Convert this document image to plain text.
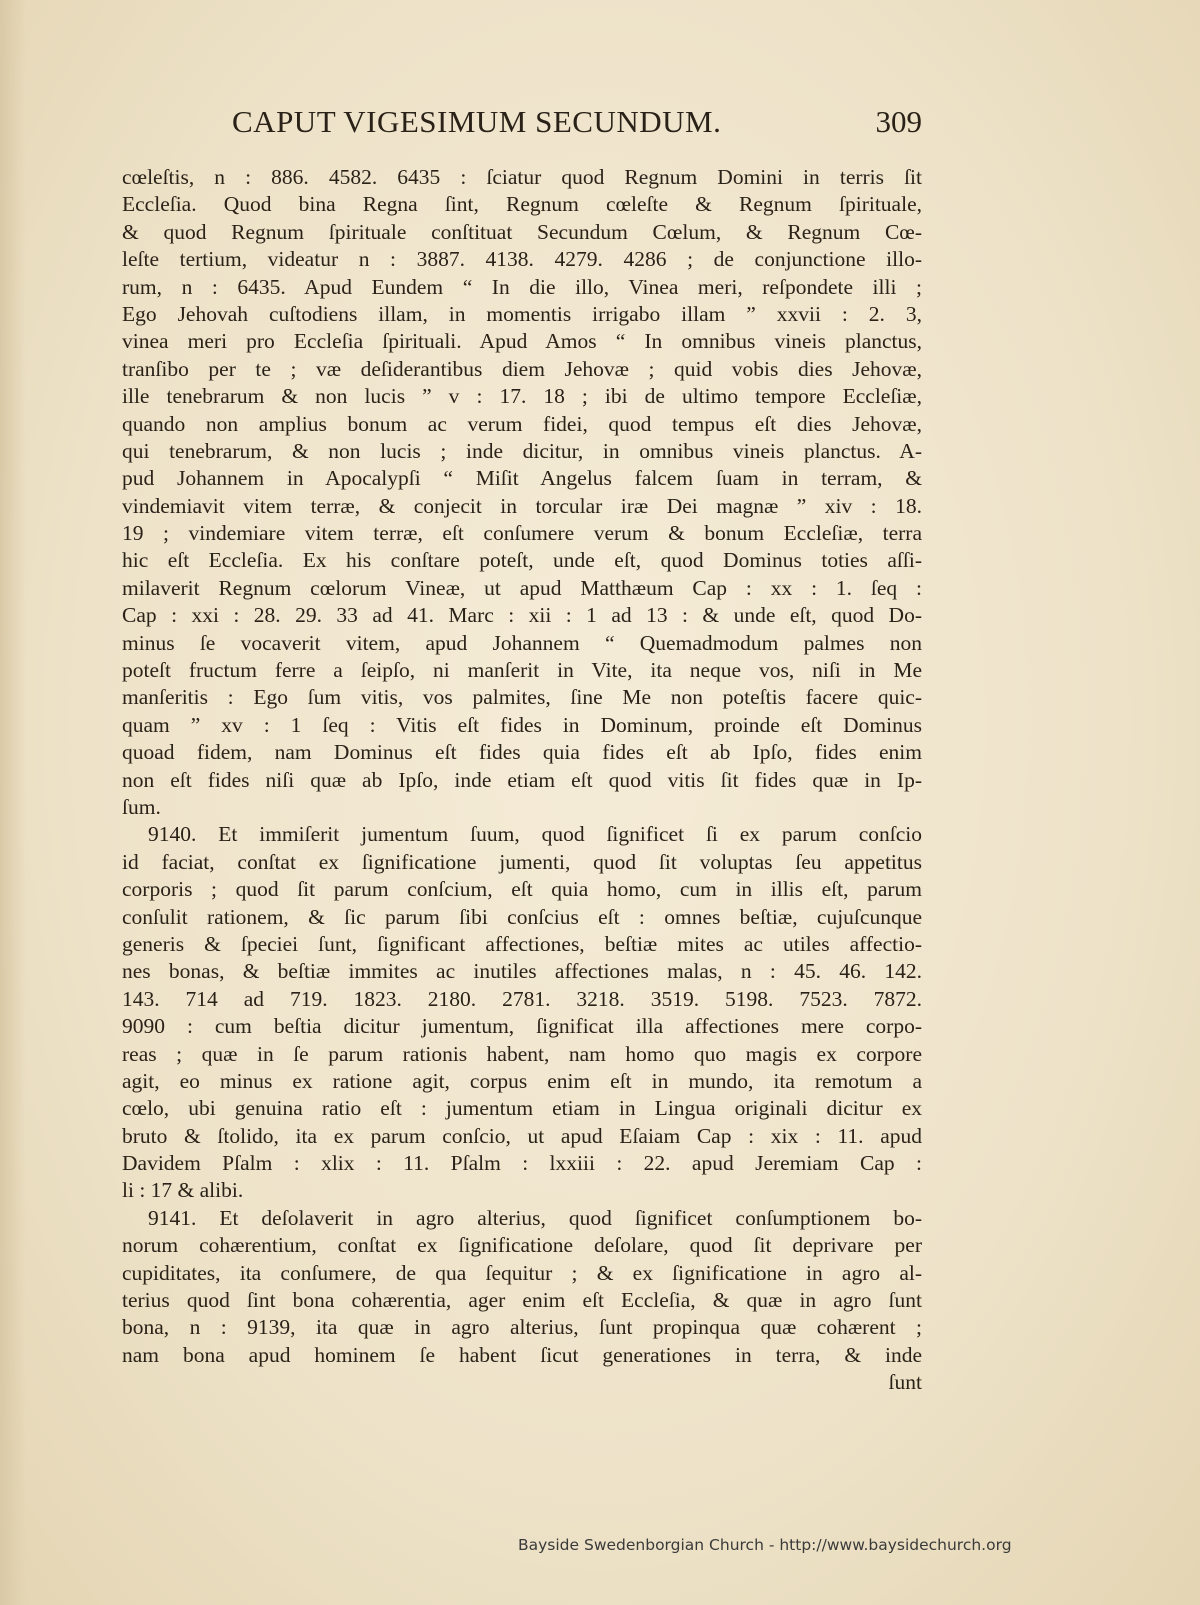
CAPUT VIGESIMUM SECUNDUM.	309
cœleſtis, n : 886. 4582. 6435 : ſciatur quod Regnum Domini in terris ſit
Eccleſia. Quod bina Regna ſint, Regnum cœleſte & Regnum ſpirituale,
& quod Regnum ſpirituale conſtituat Secundum Cœlum, & Regnum Cœ-
leſte tertium, videatur n : 3887. 4138. 4279. 4286 ; de conjunctione illo-
rum, n : 6435. Apud Eundem “ In die illo, Vinea meri, reſpondete illi ;
Ego Jehovah cuſtodiens illam, in momentis irrigabo illam ” xxvii : 2. 3,
vinea meri pro Eccleſia ſpirituali. Apud Amos “ In omnibus vineis planctus,
tranſibo per te ; væ deſiderantibus diem Jehovæ ; quid vobis dies Jehovæ,
ille tenebrarum & non lucis ” v : 17. 18 ; ibi de ultimo tempore Eccleſiæ,
quando non amplius bonum ac verum fidei, quod tempus eſt dies Jehovæ,
qui tenebrarum, & non lucis ; inde dicitur, in omnibus vineis planctus. A-
pud Johannem in Apocalypſi “ Miſit Angelus falcem ſuam in terram, &
vindemiavit vitem terræ, & conjecit in torcular iræ Dei magnæ ” xiv : 18.
19 ; vindemiare vitem terræ, eſt conſumere verum & bonum Eccleſiæ, terra
hic eſt Eccleſia. Ex his conſtare poteſt, unde eſt, quod Dominus toties aſſi-
milaverit Regnum cœlorum Vineæ, ut apud Matthæum Cap : xx : 1. ſeq :
Cap : xxi : 28. 29. 33 ad 41. Marc : xii : 1 ad 13 : & unde eſt, quod Do-
minus ſe vocaverit vitem, apud Johannem “ Quemadmodum palmes non
poteſt fructum ferre a ſeipſo, ni manſerit in Vite, ita neque vos, niſi in Me
manſeritis : Ego ſum vitis, vos palmites, ſine Me non poteſtis facere quic-
quam ” xv : 1 ſeq : Vitis eſt fides in Dominum, proinde eſt Dominus
quoad fidem, nam Dominus eſt fides quia fides eſt ab Ipſo, fides enim
non eſt fides niſi quæ ab Ipſo, inde etiam eſt quod vitis ſit fides quæ in Ip-
ſum.
9140. Et immiſerit jumentum ſuum, quod ſignificet ſi ex parum conſcio
id faciat, conſtat ex ſignificatione jumenti, quod ſit voluptas ſeu appetitus
corporis ; quod ſit parum conſcium, eſt quia homo, cum in illis eſt, parum
conſulit rationem, & ſic parum ſibi conſcius eſt : omnes beſtiæ, cujuſcunque
generis & ſpeciei ſunt, ſignificant affectiones, beſtiæ mites ac utiles affectio-
nes bonas, & beſtiæ immites ac inutiles affectiones malas, n : 45. 46. 142.
143. 714 ad 719. 1823. 2180. 2781. 3218. 3519. 5198. 7523. 7872.
9090 : cum beſtia dicitur jumentum, ſignificat illa affectiones mere corpo-
reas ; quæ in ſe parum rationis habent, nam homo quo magis ex corpore
agit, eo minus ex ratione agit, corpus enim eſt in mundo, ita remotum a
cœlo, ubi genuina ratio eſt : jumentum etiam in Lingua originali dicitur ex
bruto & ſtolido, ita ex parum conſcio, ut apud Eſaiam Cap : xix : 11. apud
Davidem Pſalm : xlix : 11. Pſalm : lxxiii : 22. apud Jeremiam Cap :
li : 17 & alibi.
9141. Et deſolaverit in agro alterius, quod ſignificet conſumptionem bo-
norum cohærentium, conſtat ex ſignificatione deſolare, quod ſit deprivare per
cupiditates, ita conſumere, de qua ſequitur ; & ex ſignificatione in agro al-
terius quod ſint bona cohærentia, ager enim eſt Eccleſia, & quæ in agro ſunt
bona, n : 9139, ita quæ in agro alterius, ſunt propinqua quæ cohærent ;
nam bona apud hominem ſe habent ſicut generationes in terra, & inde
ſunt
Bayside Swedenborgian Church - http://www.baysidechurch.org
